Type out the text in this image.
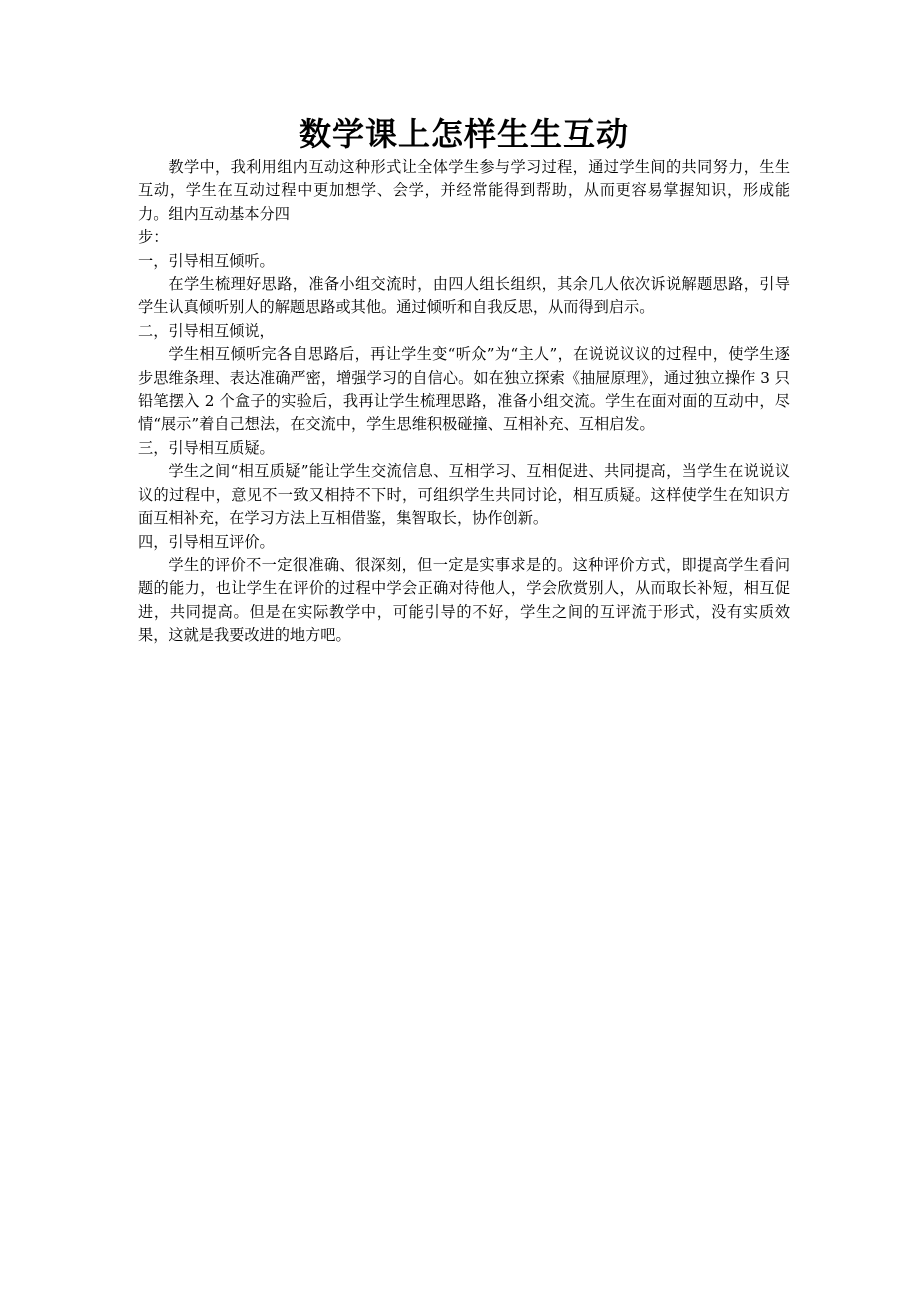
数学课上怎样生生互动

教学中，我利用组内互动这种形式让全体学生参与学习过程，通过学生间的共同努力，生生互动，学生在互动过程中更加想学、会学，并经常能得到帮助，从而更容易掌握知识，形成能力。组内互动基本分四

步：

一，引导相互倾听。

在学生梳理好思路，准备小组交流时，由四人组长组织，其余几人依次诉说解题思路，引导学生认真倾听别人的解题思路或其他。通过倾听和自我反思，从而得到启示。

二，引导相互倾说，

学生相互倾听完各自思路后，再让学生变“听众”为“主人”，在说说议议的过程中，使学生逐步思维条理、表达准确严密，增强学习的自信心。如在独立探索《抽屉原理》，通过独立操作 3 只铅笔摆入 2 个盒子的实验后，我再让学生梳理思路，准备小组交流。学生在面对面的互动中，尽情“展示”着自己想法，在交流中，学生思维积极碰撞、互相补充、互相启发。

三，引导相互质疑。

学生之间“相互质疑”能让学生交流信息、互相学习、互相促进、共同提高，当学生在说说议议的过程中，意见不一致又相持不下时，可组织学生共同讨论，相互质疑。这样使学生在知识方面互相补充，在学习方法上互相借鉴，集智取长，协作创新。

四，引导相互评价。

学生的评价不一定很准确、很深刻，但一定是实事求是的。这种评价方式，即提高学生看问题的能力，也让学生在评价的过程中学会正确对待他人，学会欣赏别人，从而取长补短，相互促进，共同提高。但是在实际教学中，可能引导的不好，学生之间的互评流于形式，没有实质效果，这就是我要改进的地方吧。
